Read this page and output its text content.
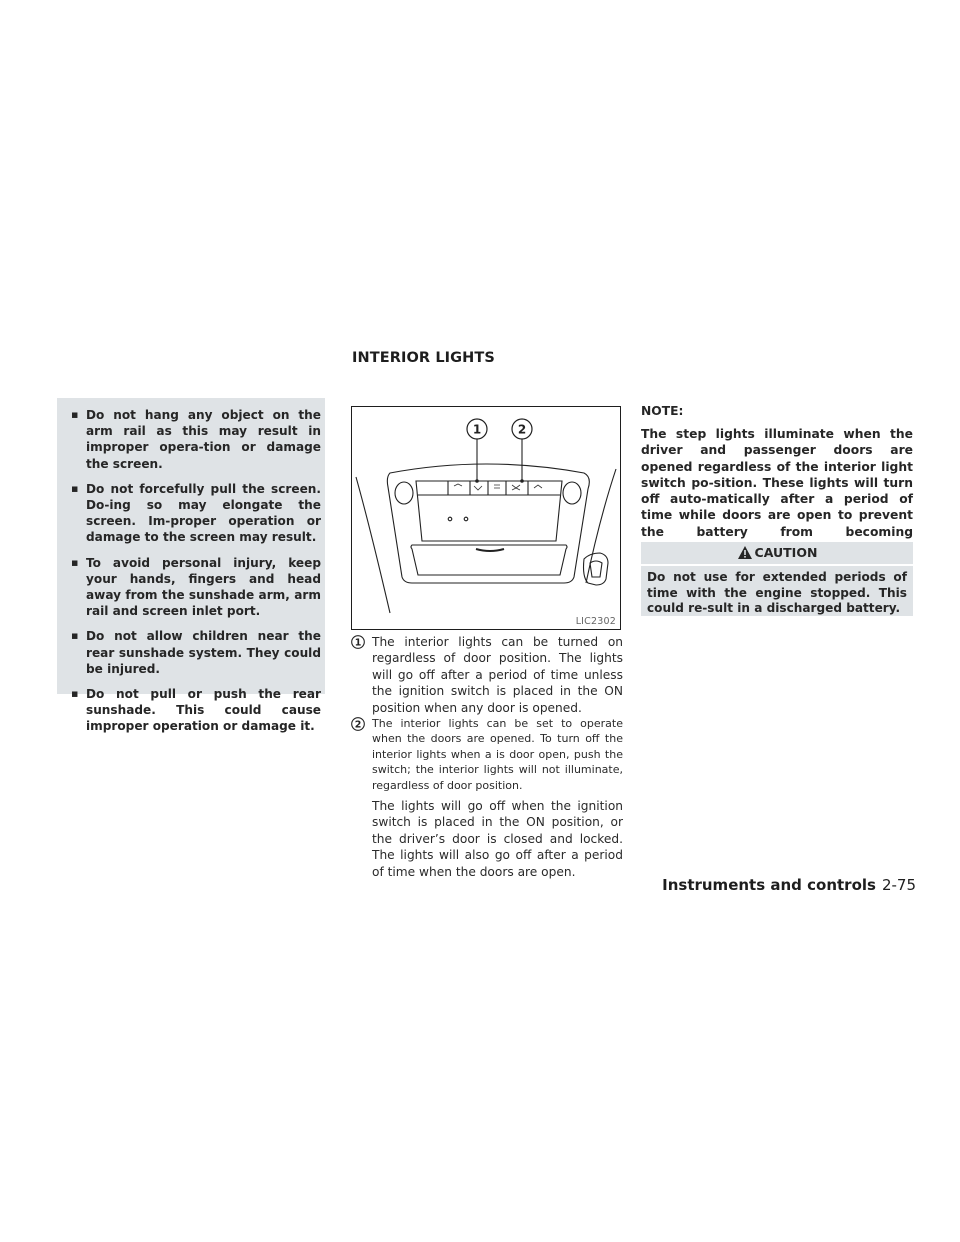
INTERIOR LIGHTS
▪ Do not hang any object on the arm rail as this may result in improper opera-tion or damage the screen.
▪ Do not forcefully pull the screen. Do-ing so may elongate the screen. Im-proper operation or damage to the screen may result.
▪ To avoid personal injury, keep your hands, fingers and head away from the sunshade arm, arm rail and screen inlet port.
▪ Do not allow children near the rear sunshade system. They could be injured.
▪ Do not pull or push the rear sunshade. This could cause improper operation or damage it.
1	2
LIC2302
1 The interior lights can be turned on regardless of door position. The lights will go off after a period of time unless the ignition switch is placed in the ON position when any door is opened.
2 The interior lights can be set to operate when the doors are opened. To turn off the interior lights when a is door open, push the switch; the interior lights will not illuminate, regardless of door position.
The lights will go off when the ignition switch is placed in the ON position, or the driver’s door is closed and locked. The lights will also go off after a period of time when the doors are open.
NOTE:
The step lights illuminate when the driver and passenger doors are opened regardless of the interior light switch po-sition. These lights will turn off auto-matically after a period of time while doors are open to prevent the battery from becoming
CAUTION
Do not use for extended periods of time with the engine stopped. This could re-sult in a discharged battery.
Instruments and controls 2-75
